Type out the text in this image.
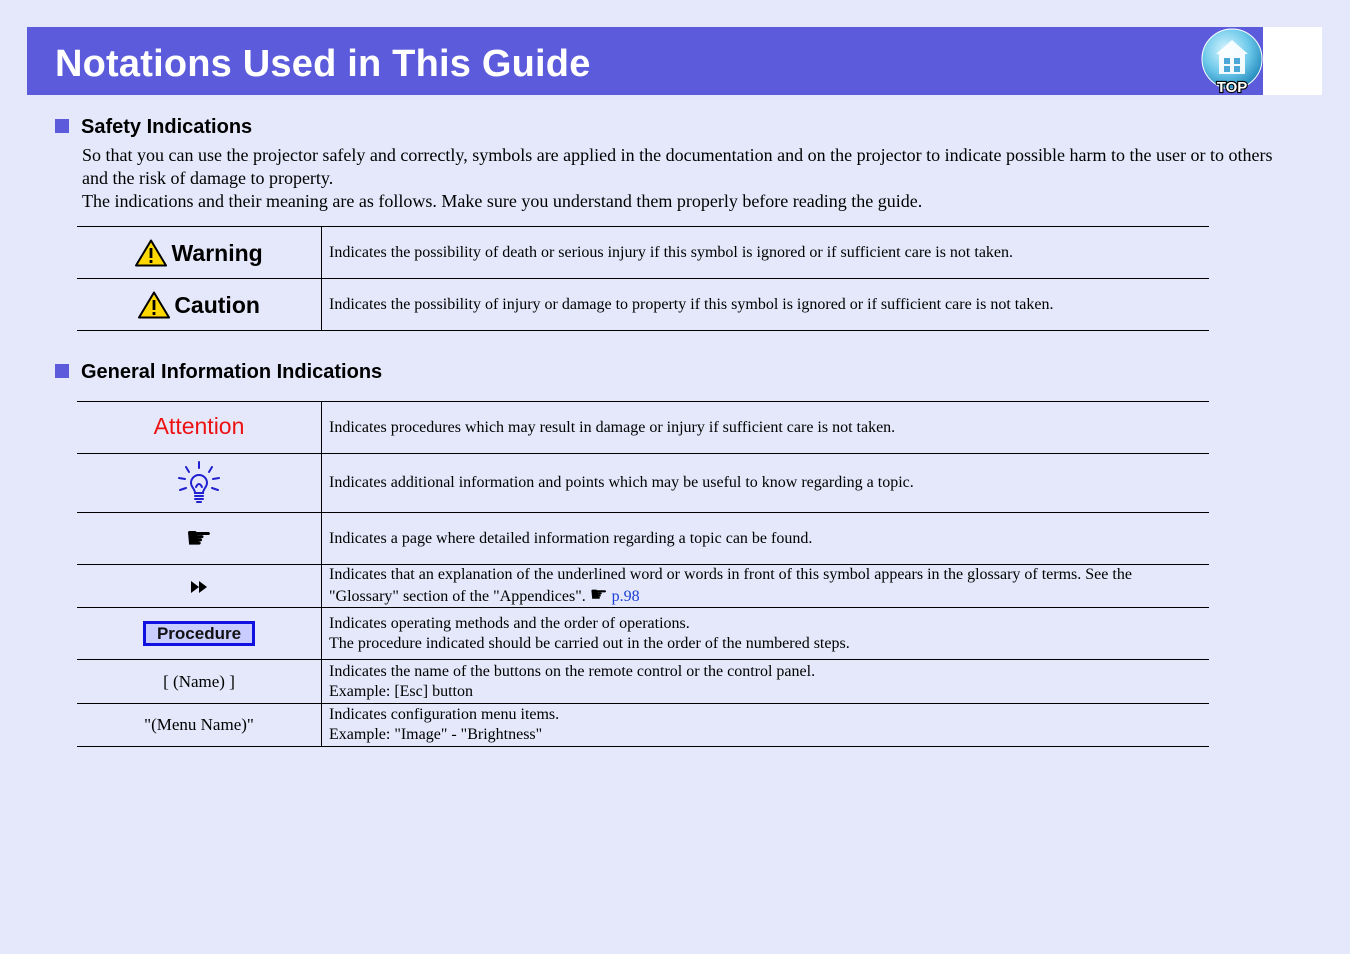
Notations Used in This Guide
TOP
Safety Indications

So that you can use the projector safely and correctly, symbols are applied in the documentation and on the projector to indicate possible harm to the user or to others and the risk of damage to property.

The indications and their meaning are as follows. Make sure you understand them properly before reading the guide.

Warning	Indicates the possibility of death or serious injury if this symbol is ignored or if sufficient care is not taken.
Caution	Indicates the possibility of injury or damage to property if this symbol is ignored or if sufficient care is not taken.
General Information Indications
Attention	Indicates procedures which may result in damage or injury if sufficient care is not taken.
	Indicates additional information and points which may be useful to know regarding a topic.
☛	Indicates a page where detailed information regarding a topic can be found.
	Indicates that an explanation of the underlined word or words in front of this symbol appears in the glossary of terms. See the "Glossary" section of the "Appendices". ☛ p.98
Procedure	Indicates operating methods and the order of operations.
The procedure indicated should be carried out in the order of the numbered steps.

[ (Name) ]	Indicates the name of the buttons on the remote control or the control panel.
Example: [Esc] button

"(Menu Name)"	Indicates configuration menu items.
Example: "Image" - "Brightness"
